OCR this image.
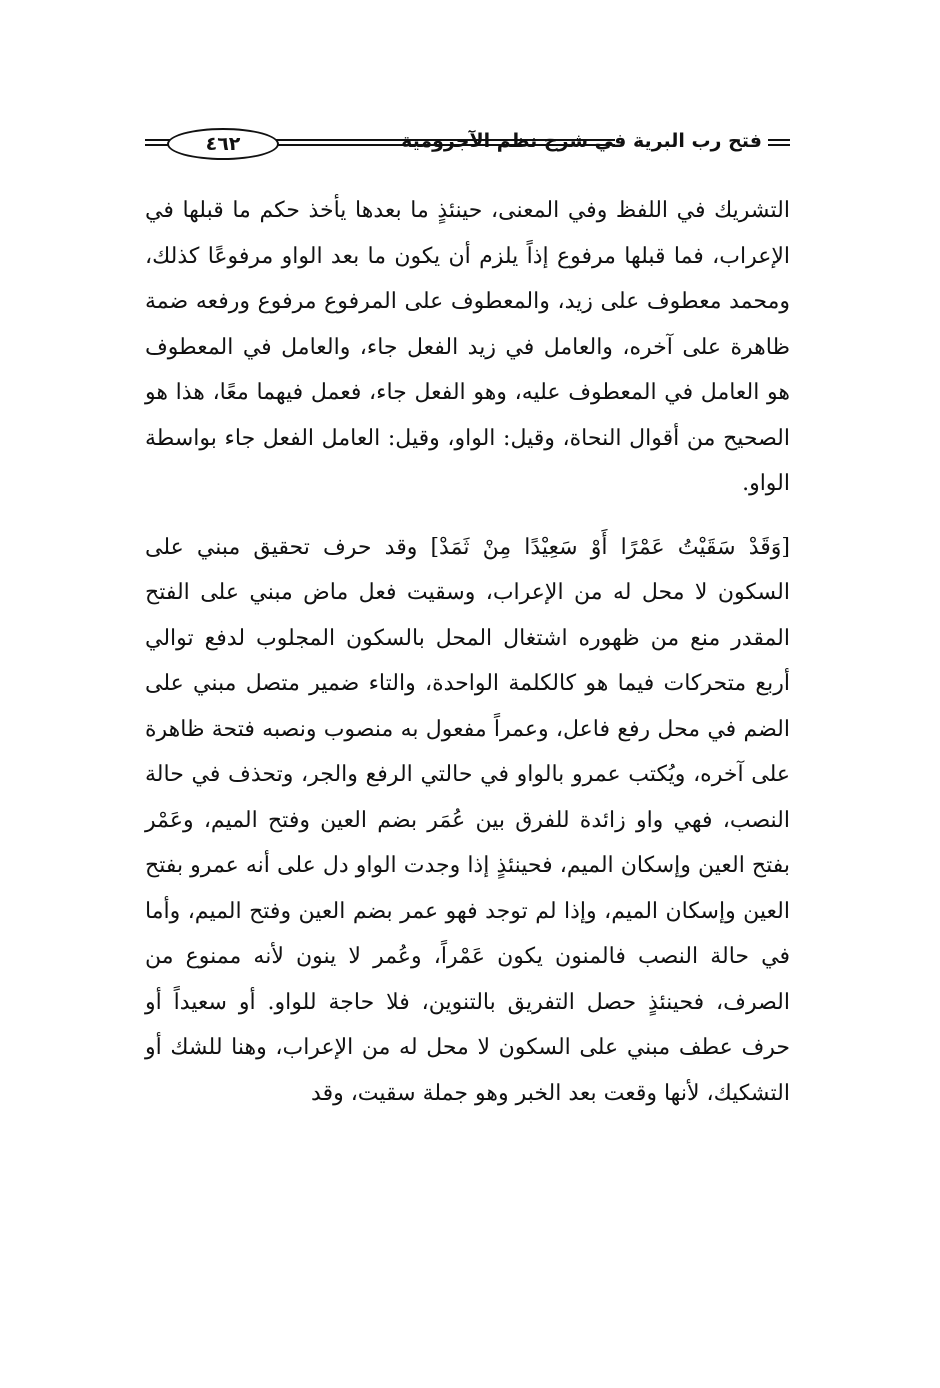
٤٦٢	فتح رب البرية في شرح نظم الآجرومية

التشريك في اللفظ وفي المعنى، حينئذٍ ما بعدها يأخذ حكم ما قبلها في الإعراب، فما قبلها مرفوع إذاً يلزم أن يكون ما بعد الواو مرفوعًا كذلك، ومحمد معطوف على زيد، والمعطوف على المرفوع مرفوع ورفعه ضمة ظاهرة على آخره، والعامل في زيد الفعل جاء، والعامل في المعطوف هو العامل في المعطوف عليه، وهو الفعل جاء، فعمل فيهما معًا، هذا هو الصحيح من أقوال النحاة، وقيل: الواو، وقيل: العامل الفعل جاء بواسطة الواو.

[وَقَدْ سَقَيْتُ عَمْرًا أَوْ سَعِيْدًا مِنْ ثَمَدْ] وقد حرف تحقيق مبني على السكون لا محل له من الإعراب، وسقيت فعل ماض مبني على الفتح المقدر منع من ظهوره اشتغال المحل بالسكون المجلوب لدفع توالي أربع متحركات فيما هو كالكلمة الواحدة، والتاء ضمير متصل مبني على الضم في محل رفع فاعل، وعمراً مفعول به منصوب ونصبه فتحة ظاهرة على آخره، ويُكتب عمرو بالواو في حالتي الرفع والجر، وتحذف في حالة النصب، فهي واو زائدة للفرق بين عُمَر بضم العين وفتح الميم، وعَمْر بفتح العين وإسكان الميم، فحينئذٍ إذا وجدت الواو دل على أنه عمرو بفتح العين وإسكان الميم، وإذا لم توجد فهو عمر بضم العين وفتح الميم، وأما في حالة النصب فالمنون يكون عَمْراً، وعُمر لا ينون لأنه ممنوع من الصرف، فحينئذٍ حصل التفريق بالتنوين، فلا حاجة للواو. أو سعيداً أو حرف عطف مبني على السكون لا محل له من الإعراب، وهنا للشك أو التشكيك، لأنها وقعت بعد الخبر وهو جملة سقيت، وقد
